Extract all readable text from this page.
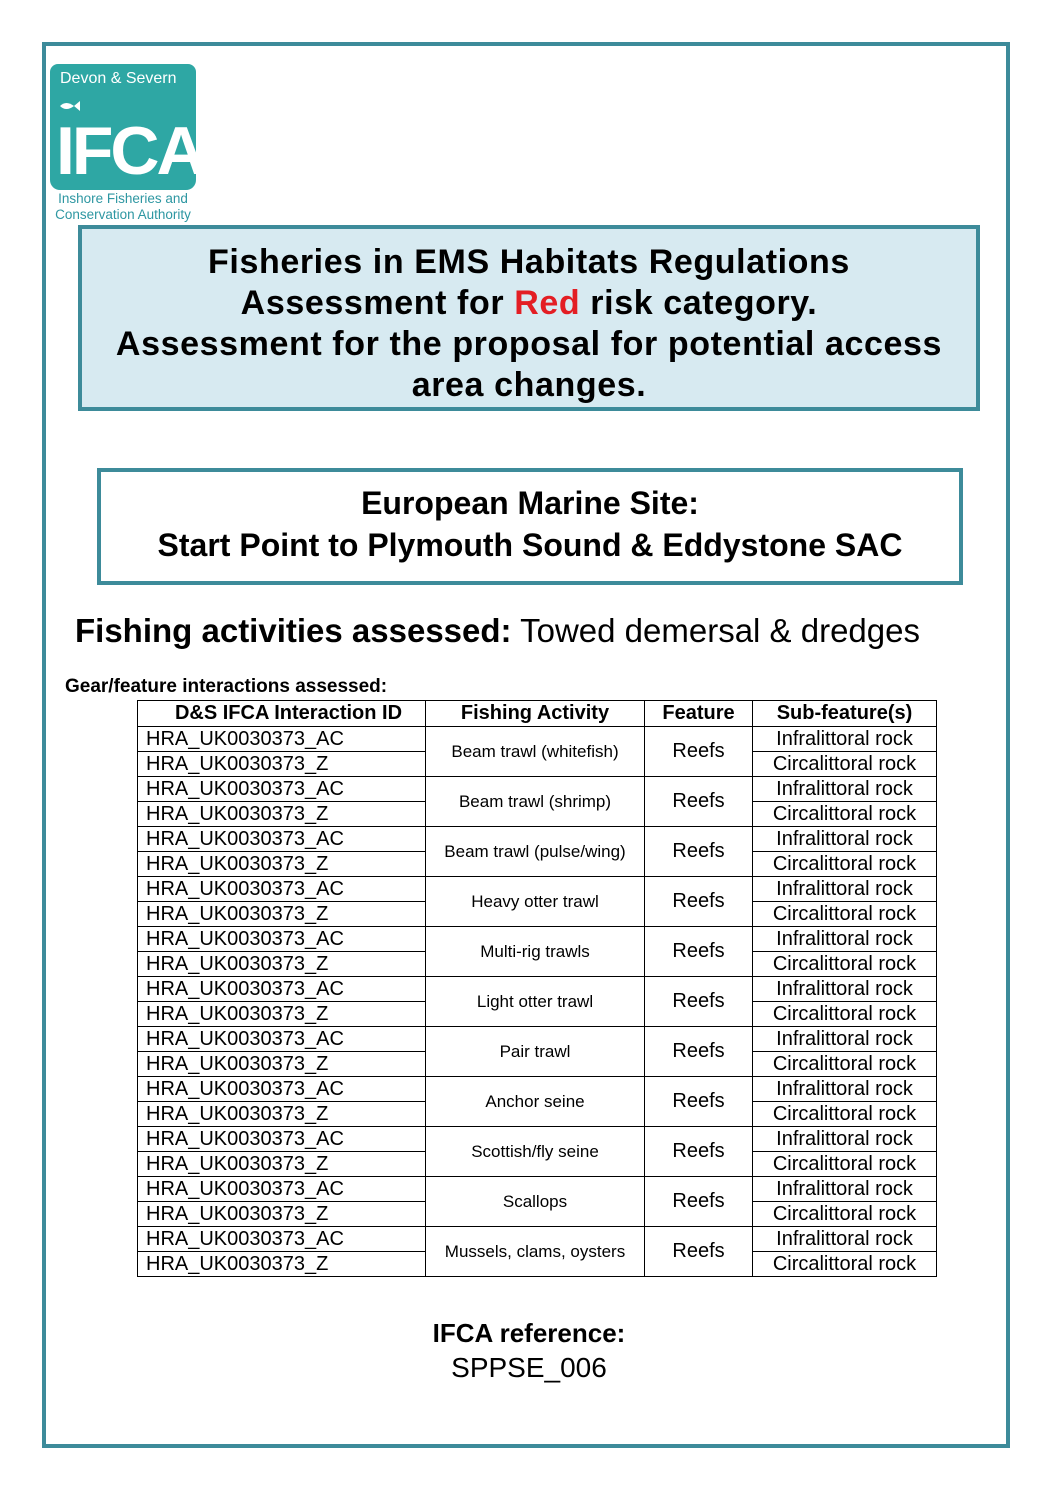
Devon & Severn
IFCA
Inshore Fisheries and
Conservation Authority
Fisheries in EMS Habitats Regulations
Assessment for Red risk category.
Assessment for the proposal for potential access
area changes.
European Marine Site:
Start Point to Plymouth Sound & Eddystone SAC
Fishing activities assessed: Towed demersal & dredges
Gear/feature interactions assessed:
D&S IFCA Interaction ID	Fishing Activity	Feature	Sub-feature(s)
HRA_UK0030373_AC	Beam trawl (whitefish)	Reefs	Infralittoral rock
HRA_UK0030373_Z			Circalittoral rock
HRA_UK0030373_AC	Beam trawl (shrimp)	Reefs	Infralittoral rock
HRA_UK0030373_Z			Circalittoral rock
HRA_UK0030373_AC	Beam trawl (pulse/wing)	Reefs	Infralittoral rock
HRA_UK0030373_Z			Circalittoral rock
HRA_UK0030373_AC	Heavy otter trawl	Reefs	Infralittoral rock
HRA_UK0030373_Z			Circalittoral rock
HRA_UK0030373_AC	Multi-rig trawls	Reefs	Infralittoral rock
HRA_UK0030373_Z			Circalittoral rock
HRA_UK0030373_AC	Light otter trawl	Reefs	Infralittoral rock
HRA_UK0030373_Z			Circalittoral rock
HRA_UK0030373_AC	Pair trawl	Reefs	Infralittoral rock
HRA_UK0030373_Z			Circalittoral rock
HRA_UK0030373_AC	Anchor seine	Reefs	Infralittoral rock
HRA_UK0030373_Z			Circalittoral rock
HRA_UK0030373_AC	Scottish/fly seine	Reefs	Infralittoral rock
HRA_UK0030373_Z			Circalittoral rock
HRA_UK0030373_AC	Scallops	Reefs	Infralittoral rock
HRA_UK0030373_Z			Circalittoral rock
HRA_UK0030373_AC	Mussels, clams, oysters	Reefs	Infralittoral rock
HRA_UK0030373_Z			Circalittoral rock
IFCA reference:
SPPSE_006
